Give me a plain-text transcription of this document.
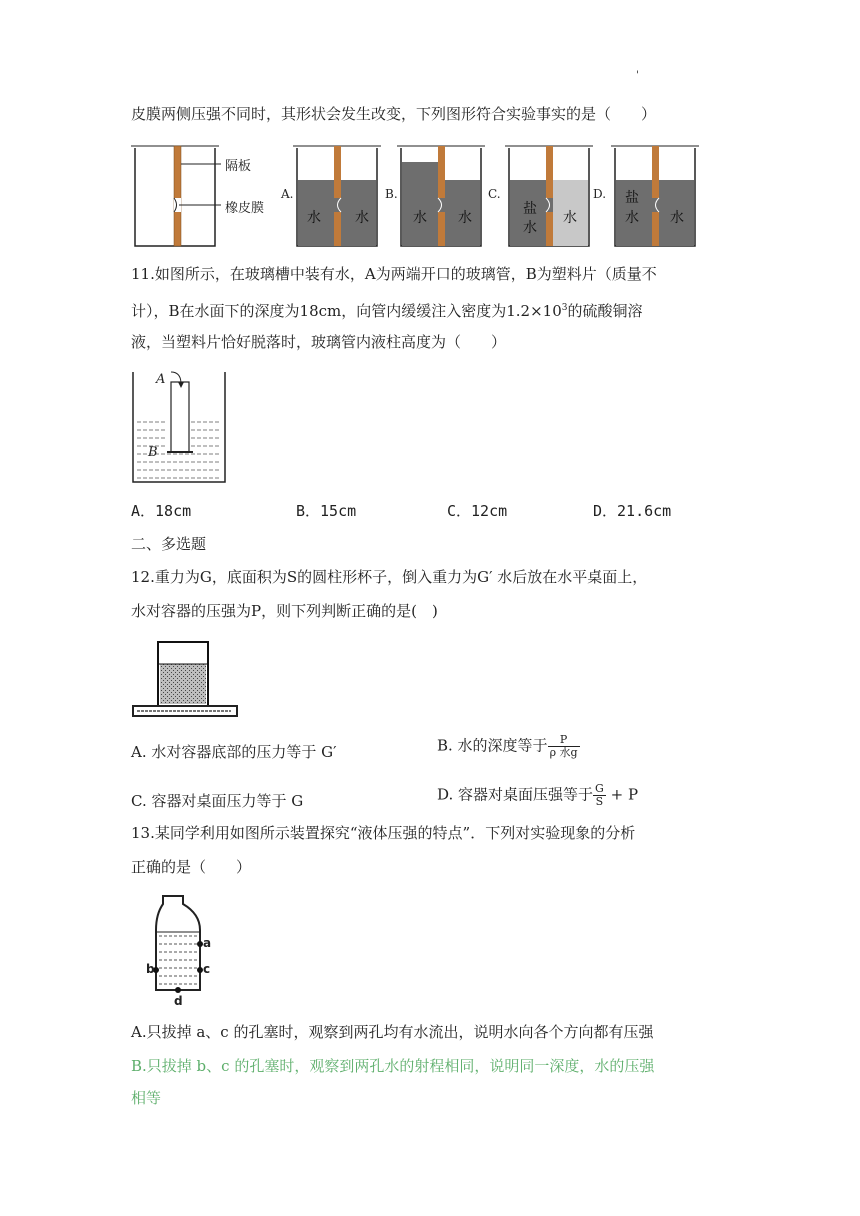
'
皮膜两侧压强不同时，其形状会发生改变，下列图形符合实验事实的是（　　）
隔板
橡皮膜
A.
水 水
B.
水 水
C.
盐
水
水
D. 盐
水 水
11.如图所示，在玻璃槽中装有水，A为两端开口的玻璃管，B为塑料片（质量不
计），B在水面下的深度为18cm，向管内缓缓注入密度为$1.2\times 10^3$的硫酸铜溶
液，当塑料片恰好脱落时，玻璃管内液柱高度为（　　）
A
B
A．18cm	B．15cm	C．12cm	D．21.6cm
二、多选题
12.重力为G，底面积为S的圆柱形杯子，倒入重力为G′ 水后放在水平桌面上，
水对容器的压强为P，则下列判断正确的是(　)
A. 水对容器底部的压力等于 G′	B. 水的深度等于 $\frac{P}{\text{ρ 水g}}$
C. 容器对桌面压力等于 G	D. 容器对桌面压强等于 $\frac{G}{S} + P$
13.某同学利用如图所示装置探究“液体压强的特点”．下列对实验现象的分析
正确的是（　　）
a
b	c
d
A.只拔掉 a、c 的孔塞时，观察到两孔均有水流出，说明水向各个方向都有压强
B.只拔掉 b、c 的孔塞时，观察到两孔水的射程相同，说明同一深度，水的压强
相等
